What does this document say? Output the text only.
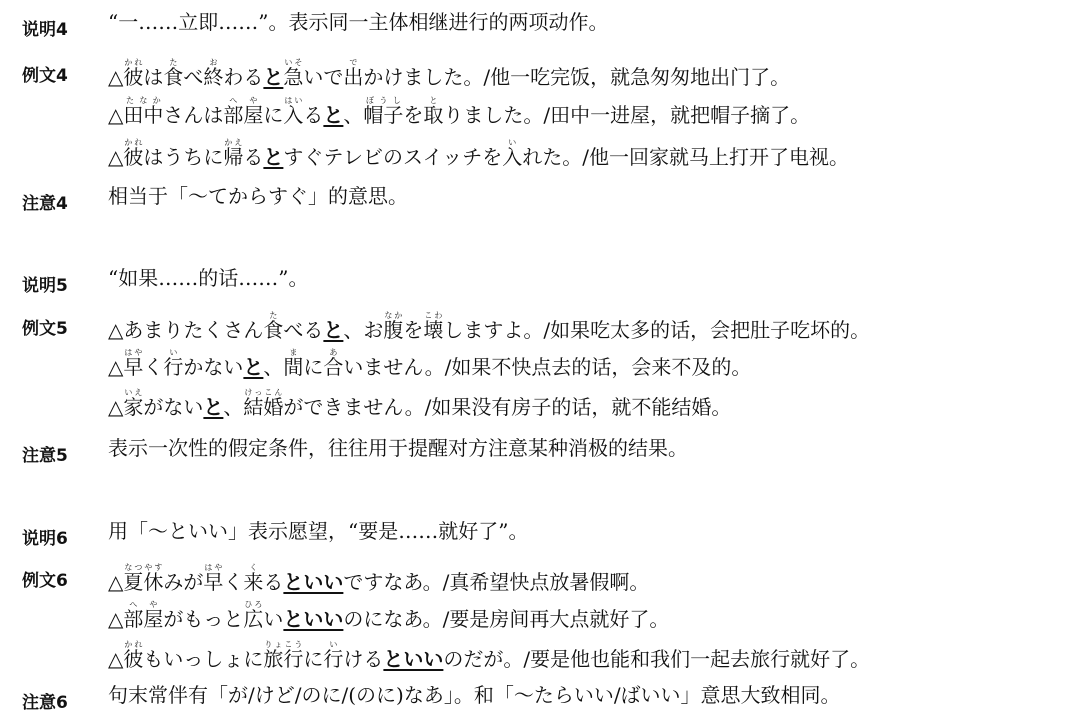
说明4 “一……立即……”。表示同一主体相继进行的两项动作。
例文4 △彼かれは食たべ終おわると急いそいで出でかけました。/他一吃完饭，就急匆匆地出门了。
△田中たなかさんは部屋へやに入はいると、帽子ぼうしを取とりました。/田中一进屋，就把帽子摘了。
△彼かれはうちに帰かえるとすぐテレビのスイッチを入いれた。/他一回家就马上打开了电视。
注意4 相当于「～てからすぐ」的意思。
说明5 “如果……的话……”。
例文5 △あまりたくさん食たべると、お腹なかを壊こわしますよ。/如果吃太多的话，会把肚子吃坏的。
△早はやく行いかないと、間まに合あいません。/如果不快点去的话，会来不及的。
△家いえがないと、結婚けっこんができません。/如果没有房子的话，就不能结婚。
注意5 表示一次性的假定条件，往往用于提醒对方注意某种消极的结果。
说明6 用「～といい」表示愿望，“要是……就好了”。
例文6 △夏休なつやすみが早はやく来くるといいですなあ。/真希望快点放暑假啊。
△部屋へやがもっと広ひろいといいのになあ。/要是房间再大点就好了。
△彼かれもいっしょに旅行りょこうに行いけるといいのだが。/要是他也能和我们一起去旅行就好了。
注意6 句末常伴有「が/けど/のに/(のに)なあ」。和「～たらいい/ばいい」意思大致相同。
